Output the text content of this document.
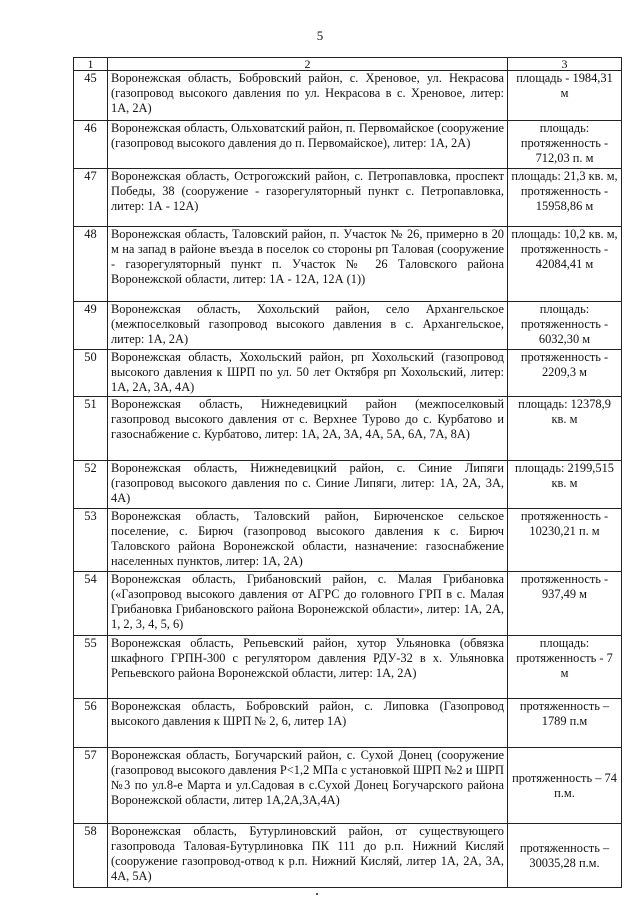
5
1	2	3
45	Воронежская область, Бобровский район, с. Хреновое, ул. Некрасова (газопровод высокого давления по ул. Некрасова в с. Хреновое, литер: 1А, 2А)	площадь - 1984,31 м
46	Воронежская область, Ольховатский район, п. Первомайское (сооружение (газопровод высокого давления до п. Первомайское), литер: 1А, 2А)	площадь: протяженность - 712,03 п. м
47	Воронежская область, Острогожский район, с. Петропавловка, проспект Победы, 38 (сооружение - газорегуляторный пункт с. Петропавловка, литер: 1А - 12А)	площадь: 21,3 кв. м, протяженность - 15958,86 м
48	Воронежская область, Таловский район, п. Участок № 26, примерно в 20 м на запад в районе въезда в поселок со стороны рп Таловая (сооружение - газорегуляторный пункт п. Участок № 26 Таловского района Воронежской области, литер: 1А - 12А, 12А (1))	площадь: 10,2 кв. м, протяженность - 42084,41 м
49	Воронежская область, Хохольский район, село Архангельское (межпоселковый газопровод высокого давления в с. Архангельское, литер: 1А, 2А)	площадь: протяженность - 6032,30 м
50	Воронежская область, Хохольский район, рп Хохольский (газопровод высокого давления к ШРП по ул. 50 лет Октября рп Хохольский, литер: 1А, 2А, 3А, 4А)	протяженность - 2209,3 м
51	Воронежская область, Нижнедевицкий район (межпоселковый газопровод высокого давления от с. Верхнее Турово до с. Курбатово и газоснабжение с. Курбатово, литер: 1А, 2А, 3А, 4А, 5А, 6А, 7А, 8А)	площадь: 12378,9 кв. м
52	Воронежская область, Нижнедевицкий район, с. Синие Липяги (газопровод высокого давления по с. Синие Липяги, литер: 1А, 2А, 3А, 4А)	площадь: 2199,515 кв. м
53	Воронежская область, Таловский район, Бирюченское сельское поселение, с. Бирюч (газопровод высокого давления к с. Бирюч Таловского района Воронежской области, назначение: газоснабжение населенных пунктов, литер: 1А, 2А)	протяженность - 10230,21 п. м
54	Воронежская область, Грибановский район, с. Малая Грибановка («Газопровод высокого давления от АГРС до головного ГРП в с. Малая Грибановка Грибановского района Воронежской области», литер: 1А, 2А, 1, 2, 3, 4, 5, 6)	протяженность - 937,49 м
55	Воронежская область, Репьевский район, хутор Ульяновка (обвязка шкафного ГРПН-300 с регулятором давления РДУ-32 в х. Ульяновка Репьевского района Воронежской области, литер: 1А, 2А)	площадь: протяженность - 7 м
56	Воронежская область, Бобровский район, с. Липовка (Газопровод высокого давления к ШРП № 2, 6, литер 1А)	протяженность – 1789 п.м
57	Воронежская область, Богучарский район, с. Сухой Донец (сооружение (газопровод высокого давления Р<1,2 МПа с установкой ШРП №2 и ШРП №3 по ул.8-е Марта и ул.Садовая в с.Сухой Донец Богучарского района Воронежской области, литер 1А,2А,3А,4А)	протяженность – 74 п.м.
58	Воронежская область, Бутурлиновский район, от существующего газопровода Таловая-Бутурлиновка ПК 111 до р.п. Нижний Кисляй (сооружение газопровод-отвод к р.п. Нижний Кисляй, литер 1А, 2А, 3А, 4А, 5А)	протяженность – 30035,28 п.м.
